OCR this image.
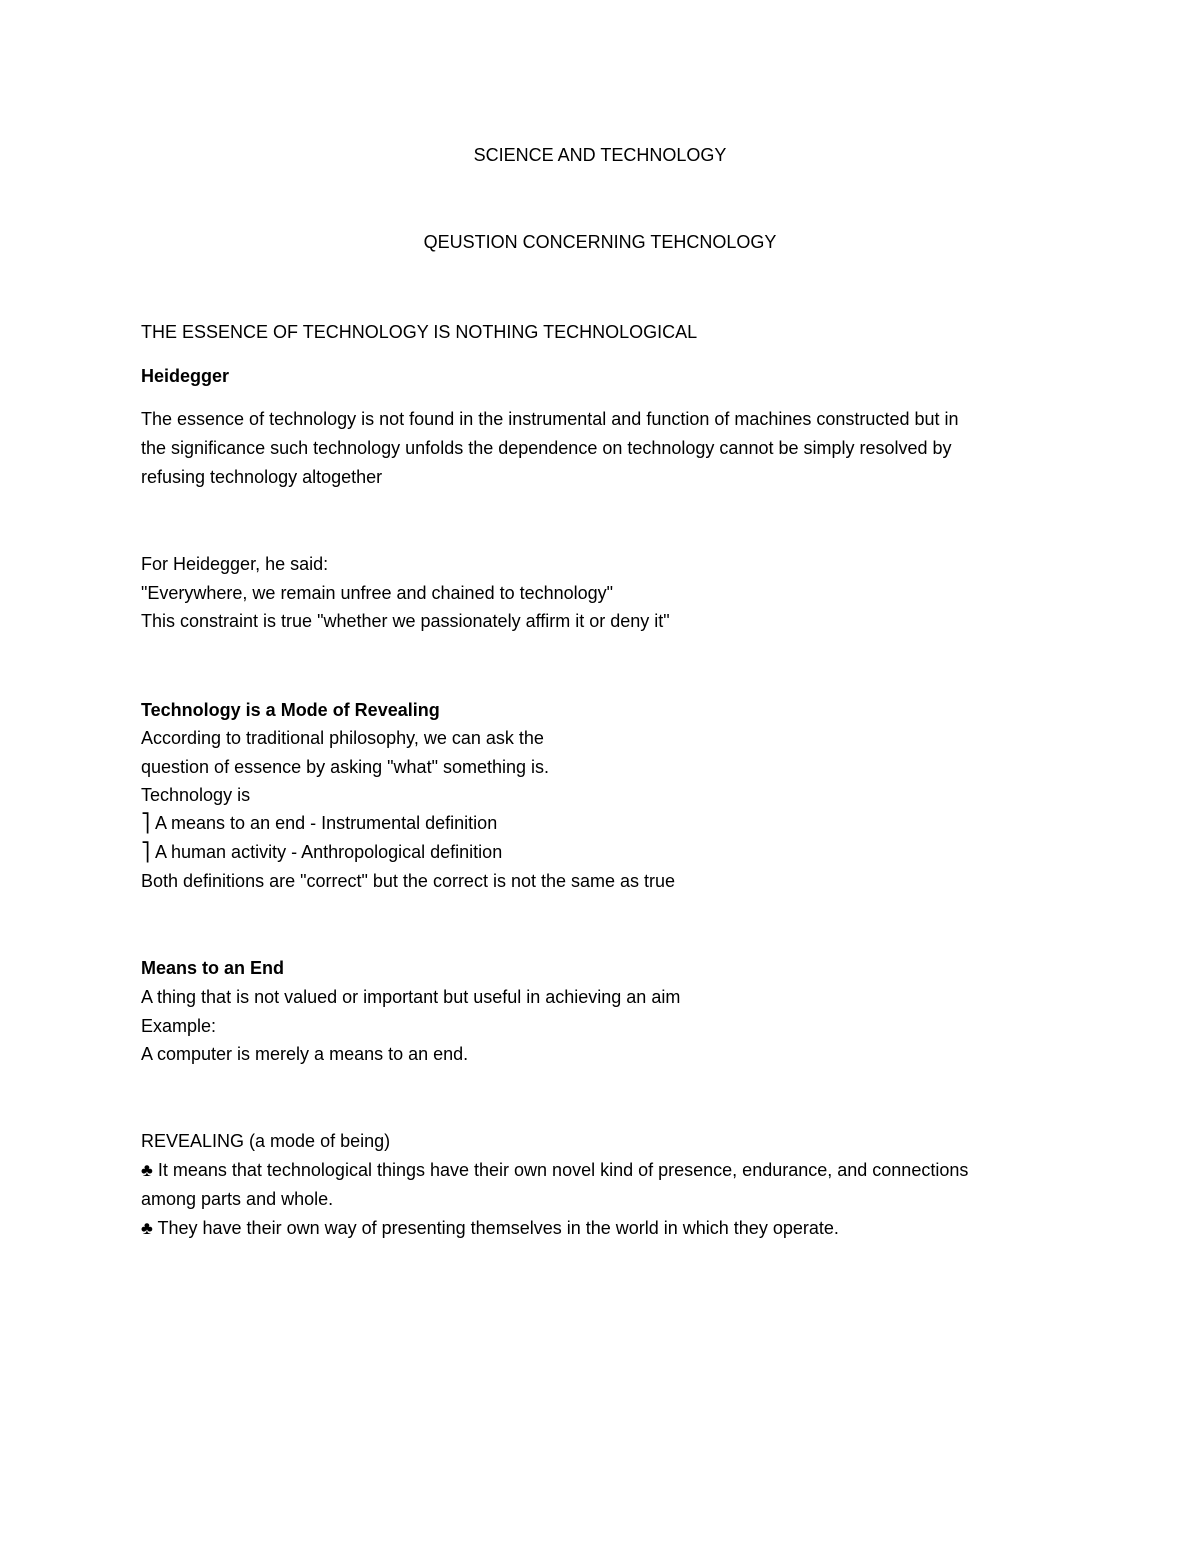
SCIENCE AND TECHNOLOGY
QEUSTION CONCERNING TEHCNOLOGY
THE ESSENCE OF TECHNOLOGY IS NOTHING TECHNOLOGICAL
Heidegger
The essence of technology is not found in the instrumental and function of machines constructed but in
the significance such technology unfolds the dependence on technology cannot be simply resolved by
refusing technology altogether
For Heidegger, he said:
"Everywhere, we remain unfree and chained to technology"
This constraint is true "whether we passionately affirm it or deny it"
Technology is a Mode of Revealing
According to traditional philosophy, we can ask the
question of essence by asking "what" something is.
Technology is
⎤ A means to an end - Instrumental definition
⎤ A human activity - Anthropological definition
Both definitions are "correct" but the correct is not the same as true
Means to an End
A thing that is not valued or important but useful in achieving an aim
Example:
A computer is merely a means to an end.
REVEALING (a mode of being)
♣ It means that technological things have their own novel kind of presence, endurance, and connections
among parts and whole.
♣ They have their own way of presenting themselves in the world in which they operate.
